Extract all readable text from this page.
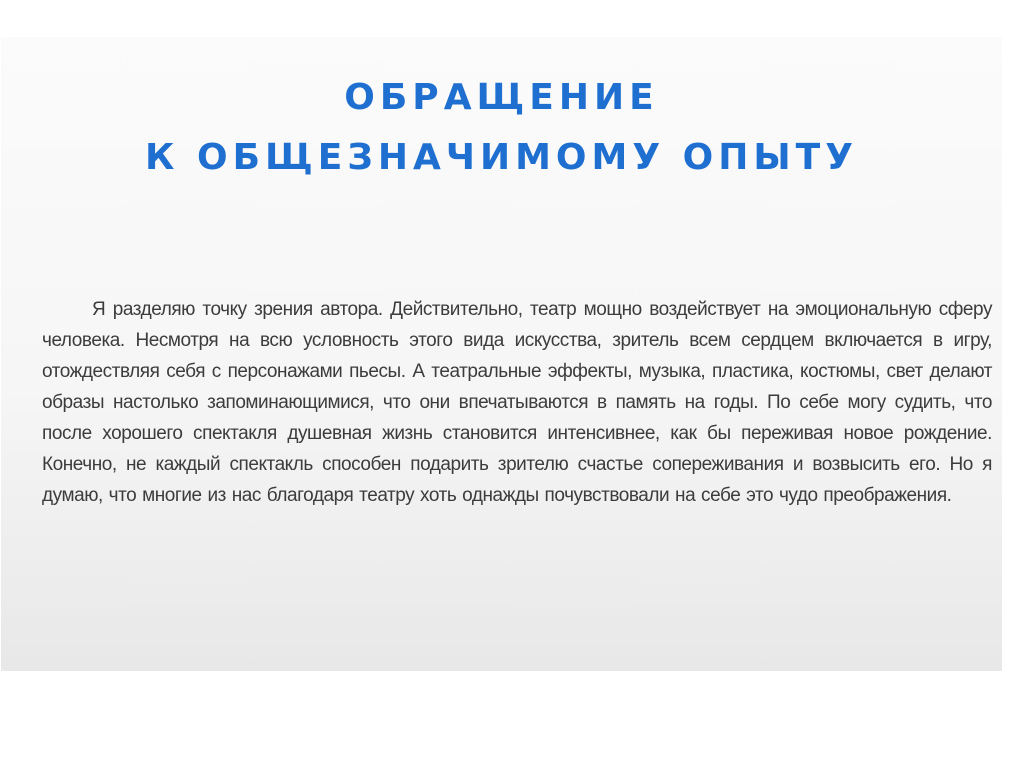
ОБРАЩЕНИЕ
К ОБЩЕЗНАЧИМОМУ ОПЫТУ

Я разделяю точку зрения автора. Действительно, театр мощно воздействует на эмоциональную сферу человека. Несмотря на всю условность этого вида искусства, зритель всем сердцем включается в игру, отождествляя себя с персонажами пьесы. А театральные эффекты, музыка, пластика, костюмы, свет делают образы настолько запоминающимися, что они впечатываются в память на годы. По себе могу судить, что после хорошего спектакля душевная жизнь становится интенсивнее, как бы переживая новое рождение. Конечно, не каждый спектакль способен подарить зрителю счастье сопереживания и возвысить его. Но я думаю, что многие из нас благодаря театру хоть однажды почувствовали на себе это чудо преображения.
